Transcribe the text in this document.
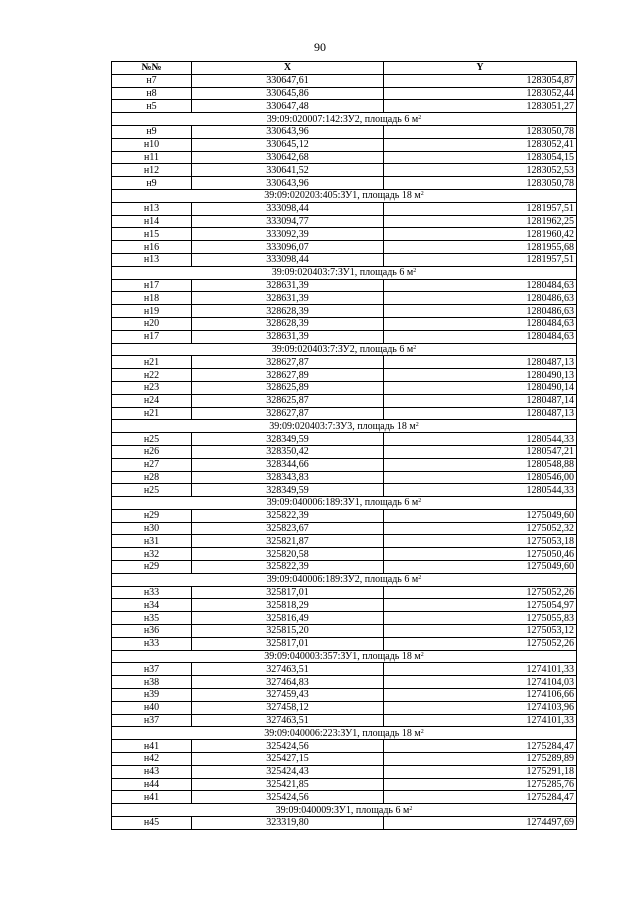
90
№№	X	Y
н7	330647,61	1283054,87
н8	330645,86	1283052,44
н5	330647,48	1283051,27
39:09:020007:142:ЗУ2, площадь 6 $м^2$
н9	330643,96	1283050,78
н10	330645,12	1283052,41
н11	330642,68	1283054,15
н12	330641,52	1283052,53
н9	330643,96	1283050,78
39:09:020203:405:ЗУ1, площадь 18 $м^2$
н13	333098,44	1281957,51
н14	333094,77	1281962,25
н15	333092,39	1281960,42
н16	333096,07	1281955,68
н13	333098,44	1281957,51
39:09:020403:7:ЗУ1, площадь 6 $м^2$
н17	328631,39	1280484,63
н18	328631,39	1280486,63
н19	328628,39	1280486,63
н20	328628,39	1280484,63
н17	328631,39	1280484,63
39:09:020403:7:ЗУ2, площадь 6 $м^2$
н21	328627,87	1280487,13
н22	328627,89	1280490,13
н23	328625,89	1280490,14
н24	328625,87	1280487,14
н21	328627,87	1280487,13
39:09:020403:7:ЗУ3, площадь 18 $м^2$
н25	328349,59	1280544,33
н26	328350,42	1280547,21
н27	328344,66	1280548,88
н28	328343,83	1280546,00
н25	328349,59	1280544,33
39:09:040006:189:ЗУ1, площадь 6 $м^2$
н29	325822,39	1275049,60
н30	325823,67	1275052,32
н31	325821,87	1275053,18
н32	325820,58	1275050,46
н29	325822,39	1275049,60
39:09:040006:189:ЗУ2, площадь 6 $м^2$
н33	325817,01	1275052,26
н34	325818,29	1275054,97
н35	325816,49	1275055,83
н36	325815,20	1275053,12
н33	325817,01	1275052,26
39:09:040003:357:ЗУ1, площадь 18 $м^2$
н37	327463,51	1274101,33
н38	327464,83	1274104,03
н39	327459,43	1274106,66
н40	327458,12	1274103,96
н37	327463,51	1274101,33
39:09:040006:223:ЗУ1, площадь 18 $м^2$
н41	325424,56	1275284,47
н42	325427,15	1275289,89
н43	325424,43	1275291,18
н44	325421,85	1275285,76
н41	325424,56	1275284,47
39:09:040009:ЗУ1, площадь 6 $м^2$
н45	323319,80	1274497,69
